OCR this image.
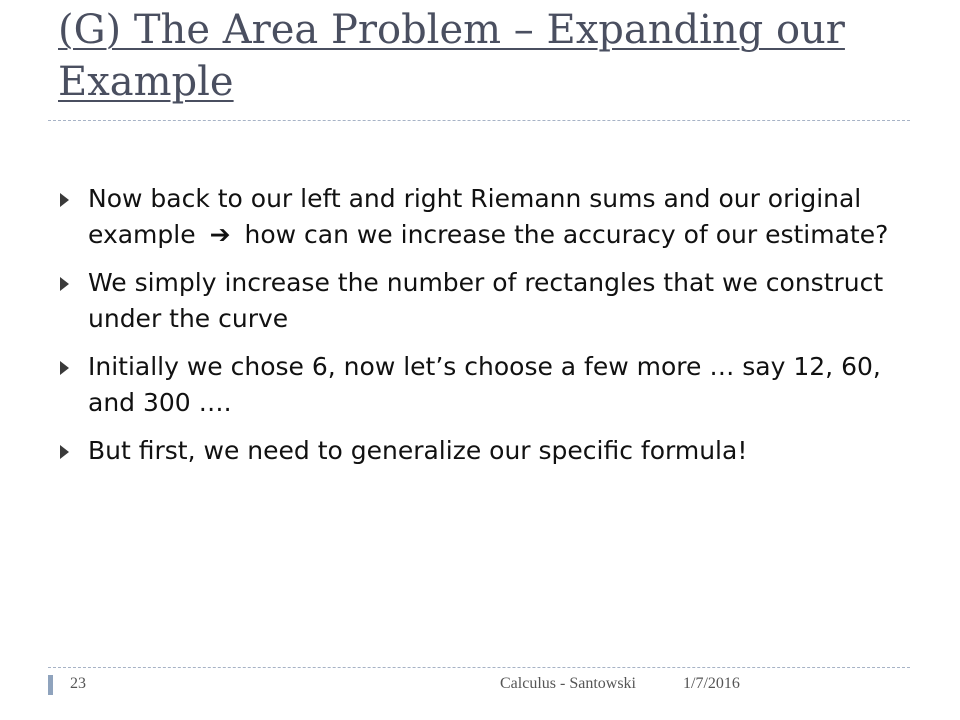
(G) The Area Problem – Expanding our Example
Now back to our left and right Riemann sums and our original example ➔ how can we increase the accuracy of our estimate?
We simply increase the number of rectangles that we construct under the curve
Initially we chose 6, now let’s choose a few more … say 12, 60, and 300 ….
But first, we need to generalize our specific formula!
23	Calculus - Santowski	1/7/2016
